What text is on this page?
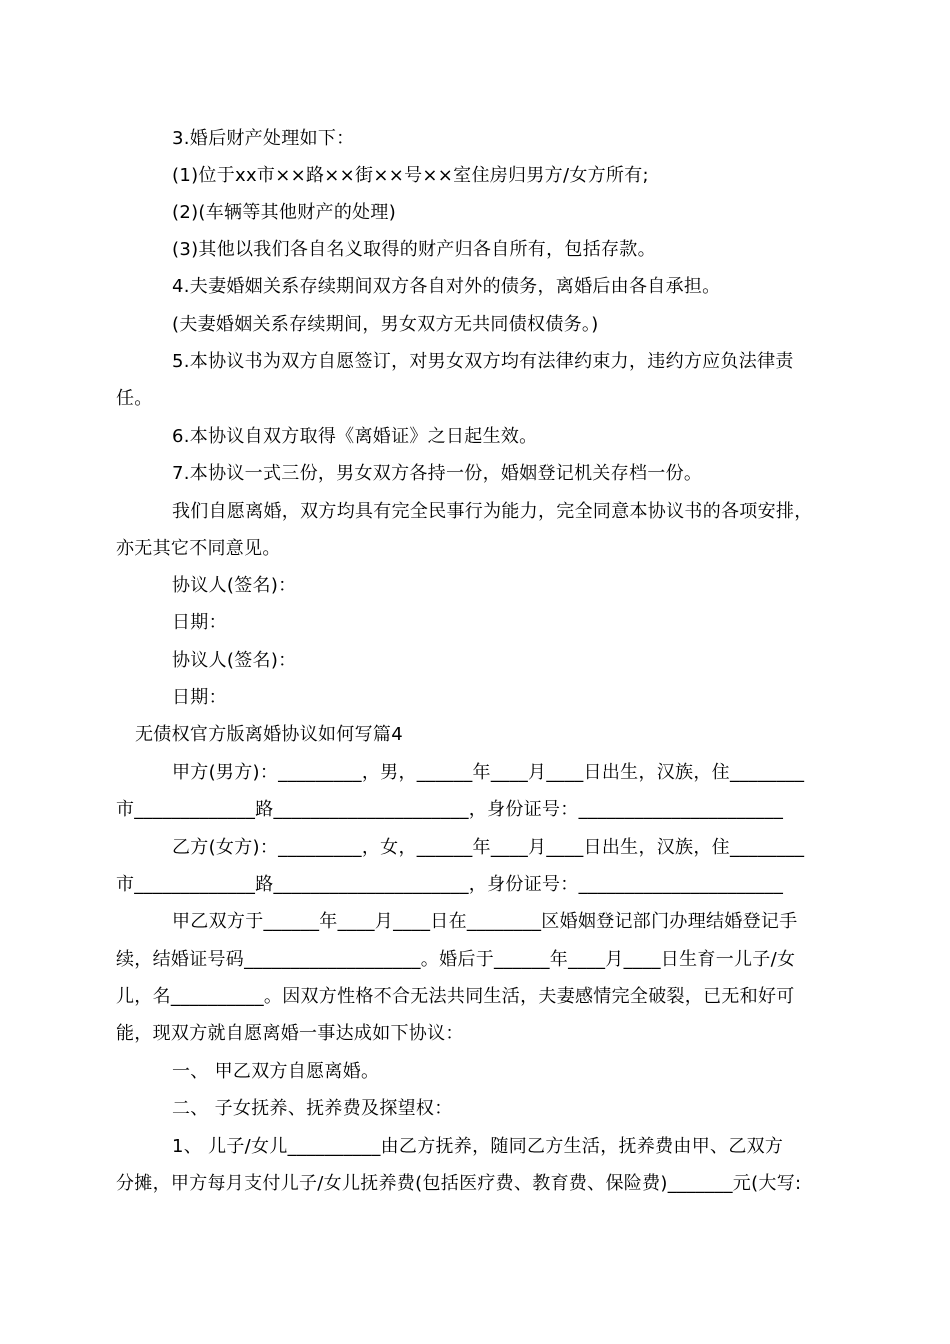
3.婚后财产处理如下：
(1)位于xx市××路××街××号××室住房归男方/女方所有;
(2)(车辆等其他财产的处理)
(3)其他以我们各自名义取得的财产归各自所有，包括存款。
4.夫妻婚姻关系存续期间双方各自对外的债务，离婚后由各自承担。
(夫妻婚姻关系存续期间，男女双方无共同债权债务。)
5.本协议书为双方自愿签订，对男女双方均有法律约束力，违约方应负法律责
任。
6.本协议自双方取得《离婚证》之日起生效。
7.本协议一式三份，男女双方各持一份，婚姻登记机关存档一份。
我们自愿离婚，双方均具有完全民事行为能力，完全同意本协议书的各项安排，
亦无其它不同意见。
协议人(签名)：
日期：
协议人(签名)：
日期：
无债权官方版离婚协议如何写篇4
甲方(男方)：_________，男，______年____月____日出生，汉族，住________
市_____________路_____________________，身份证号：______________________
乙方(女方)：_________，女，______年____月____日出生，汉族，住________
市_____________路_____________________，身份证号：______________________
甲乙双方于______年____月____日在________区婚姻登记部门办理结婚登记手
续，结婚证号码___________________。婚后于______年____月____日生育一儿子/女
儿，名__________。因双方性格不合无法共同生活，夫妻感情完全破裂，已无和好可
能，现双方就自愿离婚一事达成如下协议：
一、 甲乙双方自愿离婚。
二、 子女抚养、抚养费及探望权：
1、 儿子/女儿__________由乙方抚养，随同乙方生活，抚养费由甲、乙双方
分摊，甲方每月支付儿子/女儿抚养费(包括医疗费、教育费、保险费)_______元(大写:
